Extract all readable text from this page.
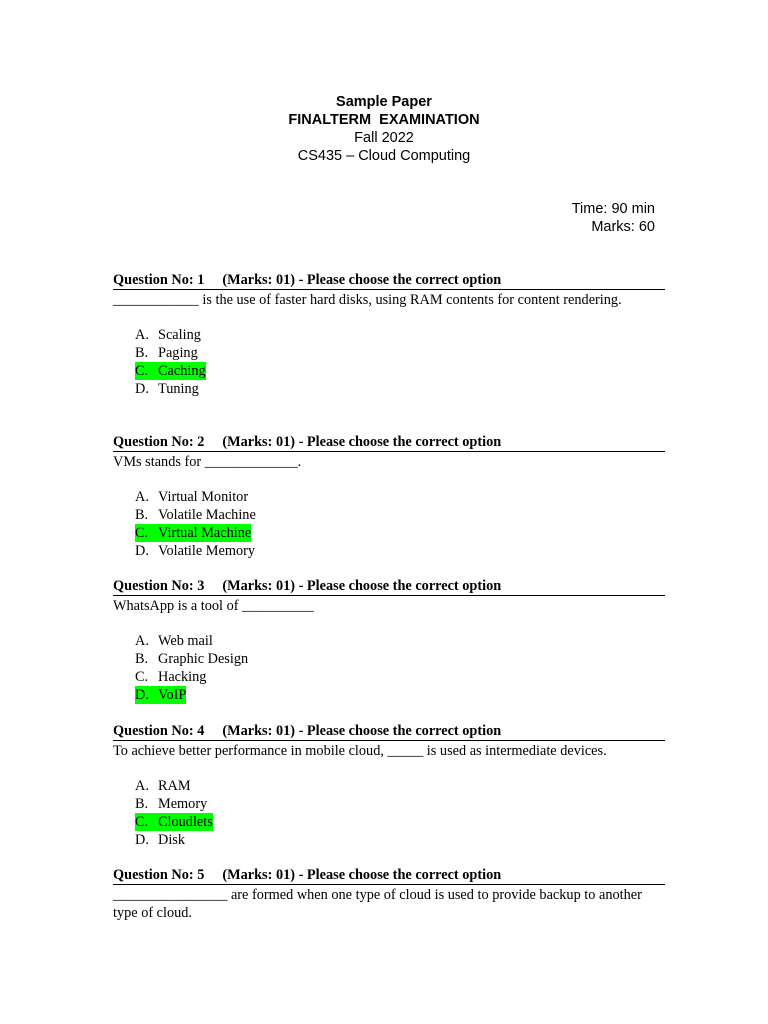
Sample Paper
FINALTERM  EXAMINATION
Fall 2022
CS435 – Cloud Computing
Time: 90 min
Marks: 60
Question No: 1 (Marks: 01) - Please choose the correct option
____________ is the use of faster hard disks, using RAM contents for content rendering.
A. Scaling
B. Paging
C. Caching
D. Tuning
Question No: 2 (Marks: 01) - Please choose the correct option
VMs stands for _____________.
A. Virtual Monitor
B. Volatile Machine
C. Virtual Machine
D. Volatile Memory
Question No: 3 (Marks: 01) - Please choose the correct option
WhatsApp is a tool of __________
A. Web mail
B. Graphic Design
C. Hacking
D. VoIP
Question No: 4 (Marks: 01) - Please choose the correct option
To achieve better performance in mobile cloud, _____ is used as intermediate devices.
A. RAM
B. Memory
C. Cloudlets
D. Disk
Question No: 5 (Marks: 01) - Please choose the correct option
________________ are formed when one type of cloud is used to provide backup to another type of cloud.
